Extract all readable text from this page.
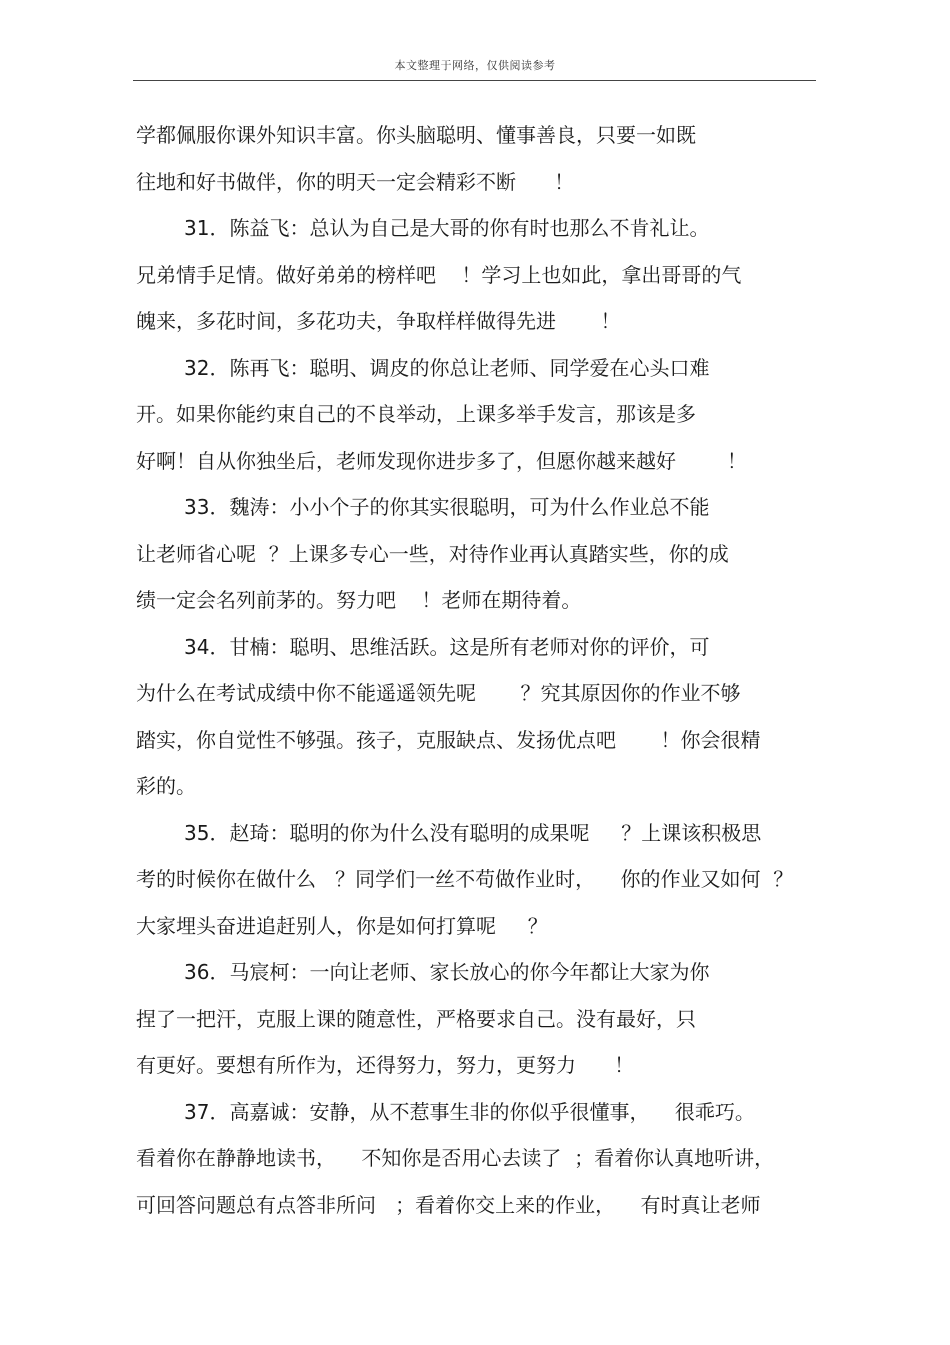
本文整理于网络，仅供阅读参考
学都佩服你课外知识丰富。你头脑聪明、懂事善良，只要一如既
往地和好书做伴，你的明天一定会精彩不断      ！
31．陈益飞：总认为自己是大哥的你有时也那么不肯礼让。
兄弟情手足情。做好弟弟的榜样吧    ！学习上也如此，拿出哥哥的气
魄来，多花时间，多花功夫，争取样样做得先进       ！
32．陈再飞：聪明、调皮的你总让老师、同学爱在心头口难
开。如果你能约束自己的不良举动，上课多举手发言，那该是多
好啊！自从你独坐后，老师发现你进步多了，但愿你越来越好        ！
33．魏涛：小小个子的你其实很聪明，可为什么作业总不能
让老师省心呢  ？上课多专心一些，对待作业再认真踏实些，你的成
绩一定会名列前茅的。努力吧    ！老师在期待着。
34．甘楠：聪明、思维活跃。这是所有老师对你的评价，可
为什么在考试成绩中你不能遥遥领先呢       ？究其原因你的作业不够
踏实，你自觉性不够强。孩子，克服缺点、发扬优点吧       ！你会很精
彩的。
35．赵琦：聪明的你为什么没有聪明的成果呢     ？上课该积极思
考的时候你在做什么   ？同学们一丝不苟做作业时，    你的作业又如何  ？
大家埋头奋进追赶别人，你是如何打算呢     ？
36．马宸柯：一向让老师、家长放心的你今年都让大家为你
捏了一把汗，克服上课的随意性，严格要求自己。没有最好，只
有更好。要想有所作为，还得努力，努力，更努力      ！
37．高嘉诚：安静，从不惹事生非的你似乎很懂事，    很乖巧。
看着你在静静地读书，    不知你是否用心去读了  ；看着你认真地听讲，
可回答问题总有点答非所问   ；看着你交上来的作业，    有时真让老师
